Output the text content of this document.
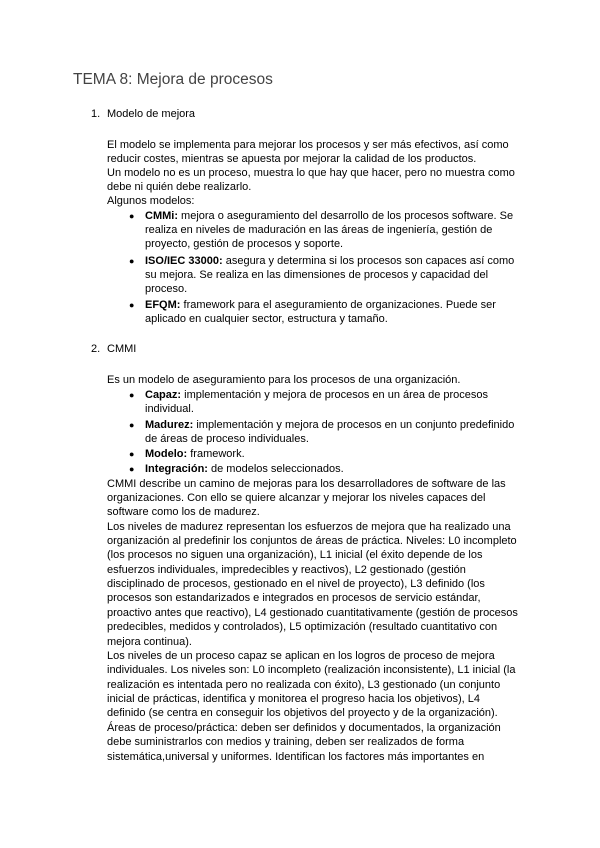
TEMA 8: Mejora de procesos
1. Modelo de mejora
El modelo se implementa para mejorar los procesos y ser más efectivos, así como
reducir costes, mientras se apuesta por mejorar la calidad de los productos.
Un modelo no es un proceso, muestra lo que hay que hacer, pero no muestra como
debe ni quién debe realizarlo.
Algunos modelos:
● CMMi: mejora o aseguramiento del desarrollo de los procesos software. Se
realiza en niveles de maduración en las áreas de ingeniería, gestión de
proyecto, gestión de procesos y soporte.
● ISO/IEC 33000: asegura y determina si los procesos son capaces así como
su mejora. Se realiza en las dimensiones de procesos y capacidad del
proceso.
● EFQM: framework para el aseguramiento de organizaciones. Puede ser
aplicado en cualquier sector, estructura y tamaño.
2. CMMI
Es un modelo de aseguramiento para los procesos de una organización.
● Capaz: implementación y mejora de procesos en un área de procesos
individual.
● Madurez: implementación y mejora de procesos en un conjunto predefinido
de áreas de proceso individuales.
● Modelo: framework.
● Integración: de modelos seleccionados.
CMMI describe un camino de mejoras para los desarrolladores de software de las
organizaciones. Con ello se quiere alcanzar y mejorar los niveles capaces del
software como los de madurez.
Los niveles de madurez representan los esfuerzos de mejora que ha realizado una
organización al predefinir los conjuntos de áreas de práctica. Niveles: L0 incompleto
(los procesos no siguen una organización), L1 inicial (el éxito depende de los
esfuerzos individuales, impredecibles y reactivos), L2 gestionado (gestión
disciplinado de procesos, gestionado en el nivel de proyecto), L3 definido (los
procesos son estandarizados e integrados en procesos de servicio estándar,
proactivo antes que reactivo), L4 gestionado cuantitativamente (gestión de procesos
predecibles, medidos y controlados), L5 optimización (resultado cuantitativo con
mejora continua).
Los niveles de un proceso capaz se aplican en los logros de proceso de mejora
individuales. Los niveles son: L0 incompleto (realización inconsistente), L1 inicial (la
realización es intentada pero no realizada con éxito), L3 gestionado (un conjunto
inicial de prácticas, identifica y monitorea el progreso hacia los objetivos), L4
definido (se centra en conseguir los objetivos del proyecto y de la organización).
Áreas de proceso/práctica: deben ser definidos y documentados, la organización
debe suministrarlos con medios y training, deben ser realizados de forma
sistemática,universal y uniformes. Identifican los factores más importantes en
